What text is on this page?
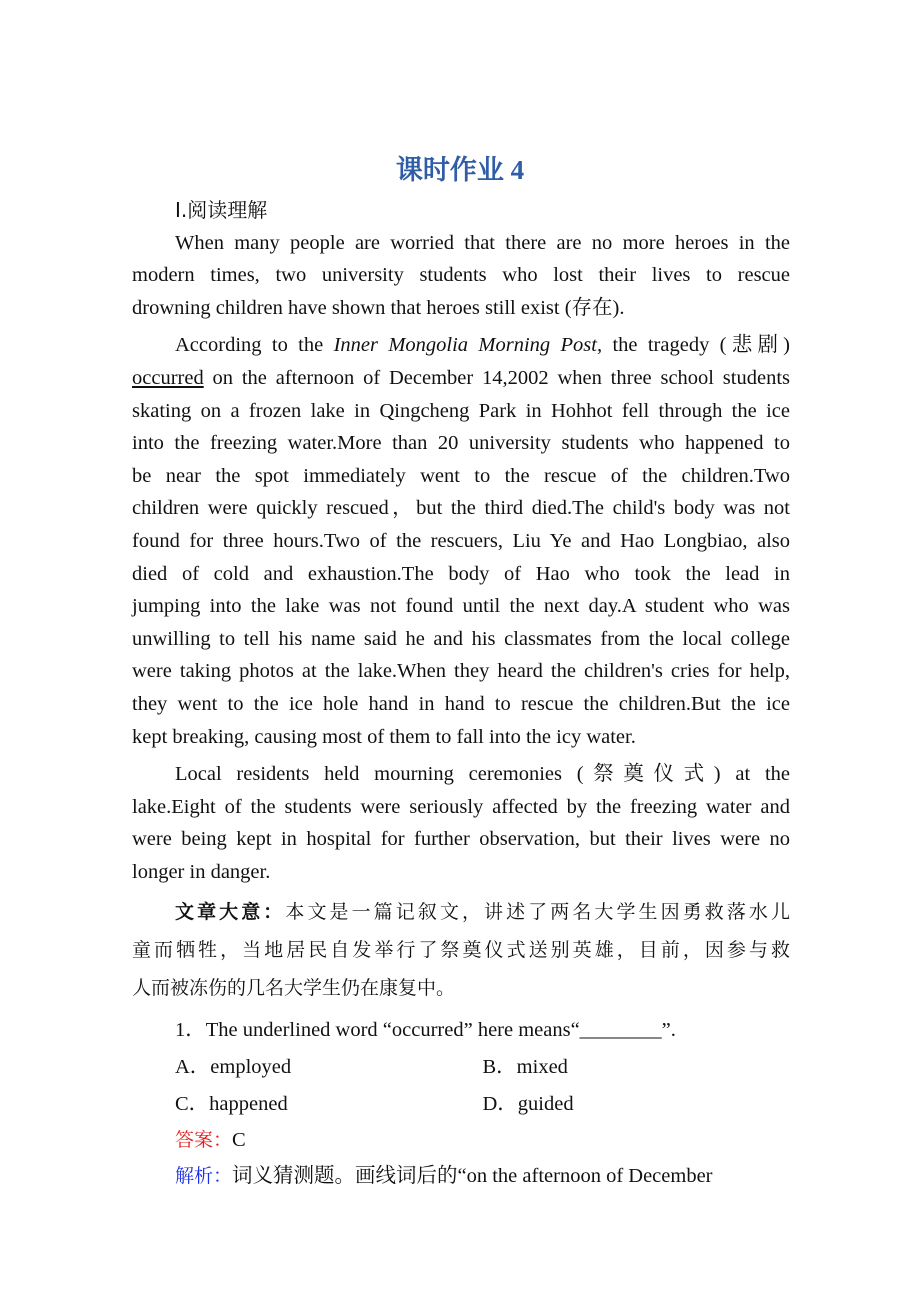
课时作业 4
Ⅰ.阅读理解
When many people are worried that there are no more heroes in the
modern times, two university students who lost their lives to rescue
drowning children have shown that heroes still exist (存在).
According to the Inner Mongolia Morning Post, the tragedy (悲剧)
occurred on the afternoon of December 14,2002 when three school students
skating on a frozen lake in Qingcheng Park in Hohhot fell through the ice
into the freezing water.More than 20 university students who happened to
be near the spot immediately went to the rescue of the children.Two
children were quickly rescued，but the third died.The child's body was not
found for three hours.Two of the rescuers, Liu Ye and Hao Longbiao, also
died of cold and exhaustion.The body of Hao who took the lead in
jumping into the lake was not found until the next day.A student who was
unwilling to tell his name said he and his classmates from the local college
were taking photos at the lake.When they heard the children's cries for help,
they went to the ice hole hand in hand to rescue the children.But the ice
kept breaking, causing most of them to fall into the icy water.
Local residents held mourning ceremonies (祭奠仪式) at the
lake.Eight of the students were seriously affected by the freezing water and
were being kept in hospital for further observation, but their lives were no
longer in danger.
文章大意：本文是一篇记叙文，讲述了两名大学生因勇救落水儿
童而牺牲，当地居民自发举行了祭奠仪式送别英雄，目前，因参与救
人而被冻伤的几名大学生仍在康复中。
1．The underlined word “occurred” here means“________”.
A．employed	B．mixed
C．happened	D．guided
答案：C
解析：词义猜测题。画线词后的“on the afternoon of December
